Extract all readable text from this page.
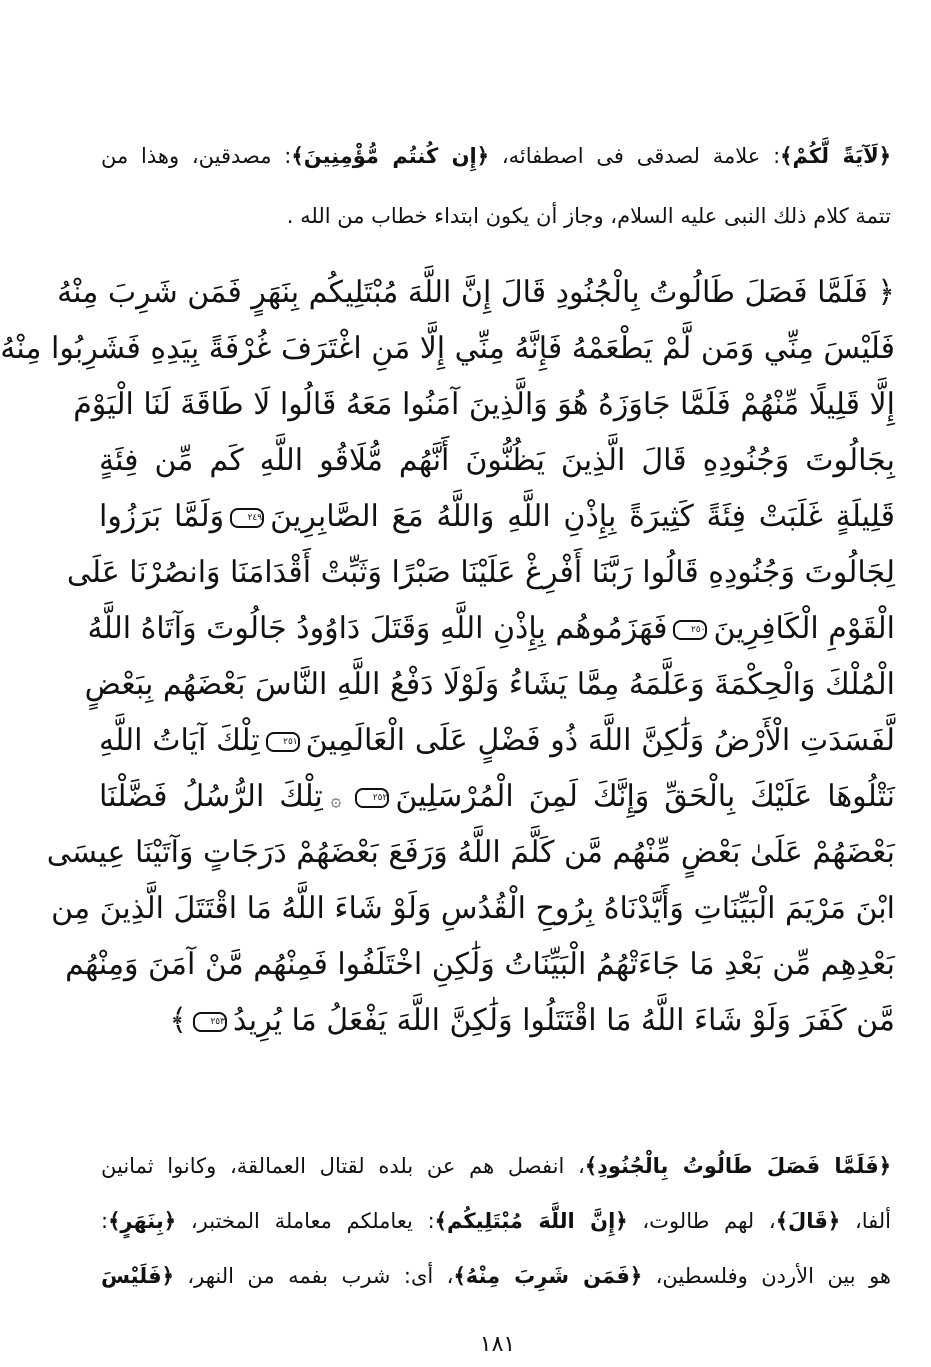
﴿لَآيَةً لَّكُمْ﴾: علامة لصدقى فى اصطفائه، ﴿إِن كُنتُم مُّؤْمِنِينَ﴾: مصدقين، وهذا من
تتمة كلام ذلك النبى عليه السلام، وجاز أن يكون ابتداء خطاب من الله .
﴿ فَلَمَّا فَصَلَ طَالُوتُ بِالْجُنُودِ قَالَ إِنَّ اللَّهَ مُبْتَلِيكُم بِنَهَرٍ فَمَن شَرِبَ مِنْهُ
فَلَيْسَ مِنِّي وَمَن لَّمْ يَطْعَمْهُ فَإِنَّهُ مِنِّي إِلَّا مَنِ اغْتَرَفَ غُرْفَةً بِيَدِهِ فَشَرِبُوا مِنْهُ
إِلَّا قَلِيلًا مِّنْهُمْ فَلَمَّا جَاوَزَهُ هُوَ وَالَّذِينَ آمَنُوا مَعَهُ قَالُوا لَا طَاقَةَ لَنَا الْيَوْمَ
بِجَالُوتَ وَجُنُودِهِ قَالَ الَّذِينَ يَظُنُّونَ أَنَّهُم مُّلَاقُو اللَّهِ كَم مِّن فِئَةٍ
قَلِيلَةٍ غَلَبَتْ فِئَةً كَثِيرَةً بِإِذْنِ اللَّهِ وَاللَّهُ مَعَ الصَّابِرِينَ٢٤٩وَلَمَّا بَرَزُوا
لِجَالُوتَ وَجُنُودِهِ قَالُوا رَبَّنَا أَفْرِغْ عَلَيْنَا صَبْرًا وَثَبِّتْ أَقْدَامَنَا وَانصُرْنَا عَلَى
الْقَوْمِ الْكَافِرِينَ٢٥٠فَهَزَمُوهُم بِإِذْنِ اللَّهِ وَقَتَلَ دَاوُودُ جَالُوتَ وَآتَاهُ اللَّهُ
الْمُلْكَ وَالْحِكْمَةَ وَعَلَّمَهُ مِمَّا يَشَاءُ وَلَوْلَا دَفْعُ اللَّهِ النَّاسَ بَعْضَهُم بِبَعْضٍ
لَّفَسَدَتِ الْأَرْضُ وَلَٰكِنَّ اللَّهَ ذُو فَضْلٍ عَلَى الْعَالَمِينَ٢٥١تِلْكَ آيَاتُ اللَّهِ
نَتْلُوهَا عَلَيْكَ بِالْحَقِّ وَإِنَّكَ لَمِنَ الْمُرْسَلِينَ٢٥٢۞تِلْكَ الرُّسُلُ فَضَّلْنَا
بَعْضَهُمْ عَلَىٰ بَعْضٍ مِّنْهُم مَّن كَلَّمَ اللَّهُ وَرَفَعَ بَعْضَهُمْ دَرَجَاتٍ وَآتَيْنَا عِيسَى
ابْنَ مَرْيَمَ الْبَيِّنَاتِ وَأَيَّدْنَاهُ بِرُوحِ الْقُدُسِ وَلَوْ شَاءَ اللَّهُ مَا اقْتَتَلَ الَّذِينَ مِن
بَعْدِهِم مِّن بَعْدِ مَا جَاءَتْهُمُ الْبَيِّنَاتُ وَلَٰكِنِ اخْتَلَفُوا فَمِنْهُم مَّنْ آمَنَ وَمِنْهُم
مَّن كَفَرَ وَلَوْ شَاءَ اللَّهُ مَا اقْتَتَلُوا وَلَٰكِنَّ اللَّهَ يَفْعَلُ مَا يُرِيدُ٢٥٣﴾
﴿فَلَمَّا فَصَلَ طَالُوتُ بِالْجُنُودِ﴾، انفصل هم عن بلده لقتال العمالقة، وكانوا ثمانين
ألفا، ﴿قَالَ﴾، لهم طالوت، ﴿إِنَّ اللَّهَ مُبْتَلِيكُم﴾: يعاملكم معاملة المختبر، ﴿بِنَهَرٍ﴾:
هو بين الأردن وفلسطين، ﴿فَمَن شَرِبَ مِنْهُ﴾، أى: شرب بفمه من النهر، ﴿فَلَيْسَ
١٨١
